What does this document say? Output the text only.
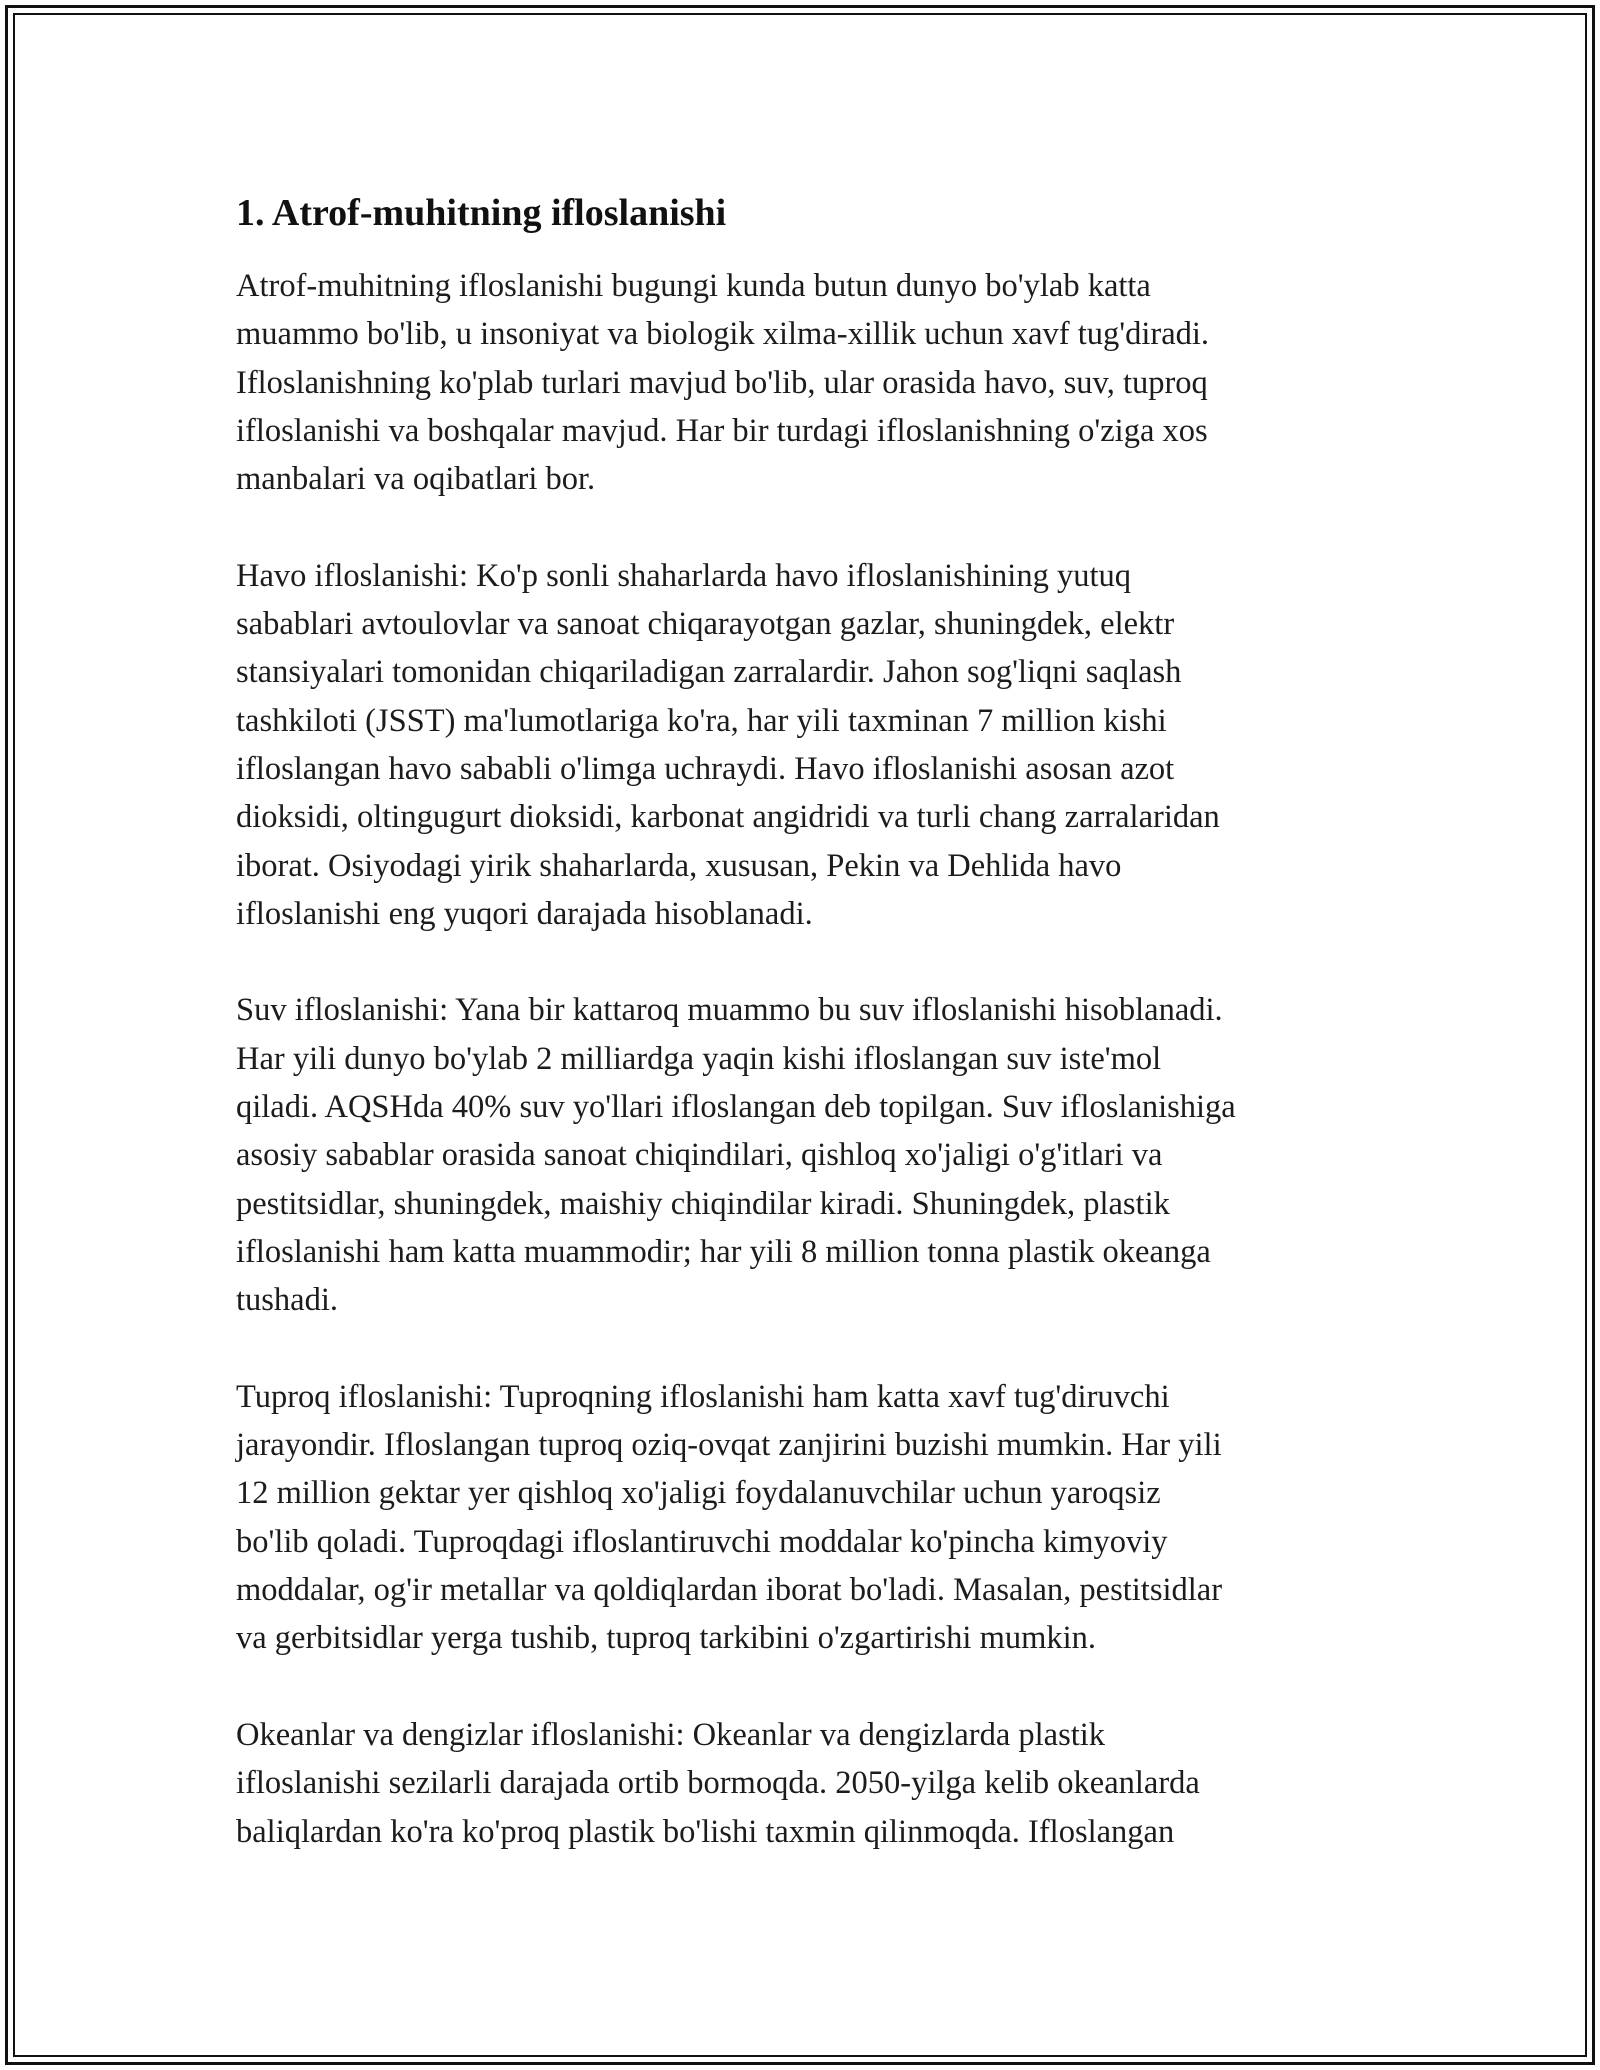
1. Atrof-muhitning ifloslanishi

Atrof-muhitning ifloslanishi bugungi kunda butun dunyo bo'ylab katta
muammo bo'lib, u insoniyat va biologik xilma-xillik uchun xavf tug'diradi.
Ifloslanishning ko'plab turlari mavjud bo'lib, ular orasida havo, suv, tuproq
ifloslanishi va boshqalar mavjud. Har bir turdagi ifloslanishning o'ziga xos
manbalari va oqibatlari bor.

Havo ifloslanishi: Ko'p sonli shaharlarda havo ifloslanishining yutuq
sabablari avtoulovlar va sanoat chiqarayotgan gazlar, shuningdek, elektr
stansiyalari tomonidan chiqariladigan zarralardir. Jahon sog'liqni saqlash
tashkiloti (JSST) ma'lumotlariga ko'ra, har yili taxminan 7 million kishi
ifloslangan havo sababli o'limga uchraydi. Havo ifloslanishi asosan azot
dioksidi, oltingugurt dioksidi, karbonat angidridi va turli chang zarralaridan
iborat. Osiyodagi yirik shaharlarda, xususan, Pekin va Dehlida havo
ifloslanishi eng yuqori darajada hisoblanadi.

Suv ifloslanishi: Yana bir kattaroq muammo bu suv ifloslanishi hisoblanadi.
Har yili dunyo bo'ylab 2 milliardga yaqin kishi ifloslangan suv iste'mol
qiladi. AQSHda 40% suv yo'llari ifloslangan deb topilgan. Suv ifloslanishiga
asosiy sabablar orasida sanoat chiqindilari, qishloq xo'jaligi o'g'itlari va
pestitsidlar, shuningdek, maishiy chiqindilar kiradi. Shuningdek, plastik
ifloslanishi ham katta muammodir; har yili 8 million tonna plastik okeanga
tushadi.

Tuproq ifloslanishi: Tuproqning ifloslanishi ham katta xavf tug'diruvchi
jarayondir. Ifloslangan tuproq oziq-ovqat zanjirini buzishi mumkin. Har yili
12 million gektar yer qishloq xo'jaligi foydalanuvchilar uchun yaroqsiz
bo'lib qoladi. Tuproqdagi ifloslantiruvchi moddalar ko'pincha kimyoviy
moddalar, og'ir metallar va qoldiqlardan iborat bo'ladi. Masalan, pestitsidlar
va gerbitsidlar yerga tushib, tuproq tarkibini o'zgartirishi mumkin.

Okeanlar va dengizlar ifloslanishi: Okeanlar va dengizlarda plastik
ifloslanishi sezilarli darajada ortib bormoqda. 2050-yilga kelib okeanlarda
baliqlardan ko'ra ko'proq plastik bo'lishi taxmin qilinmoqda. Ifloslangan
